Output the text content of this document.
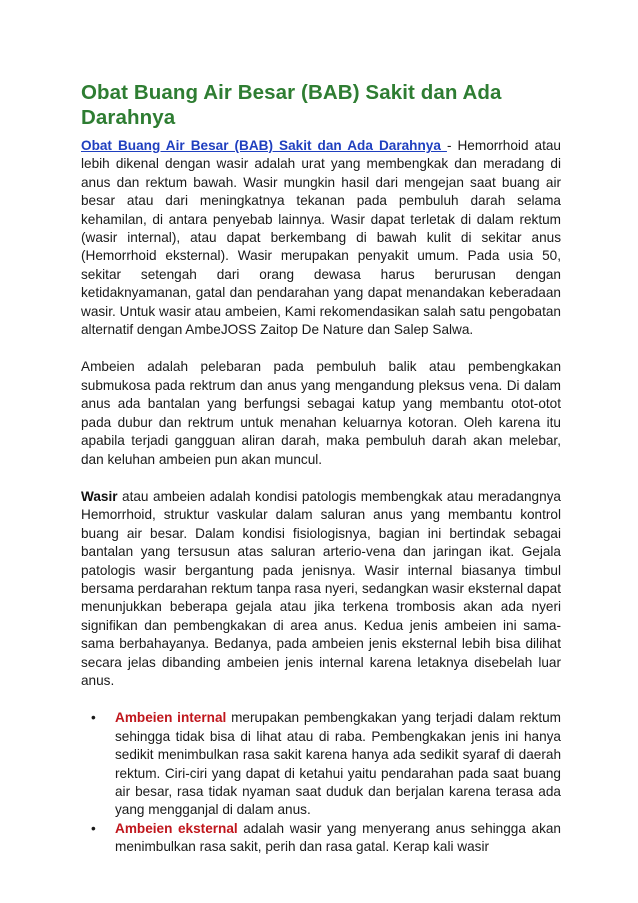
Obat Buang Air Besar (BAB) Sakit dan Ada Darahnya

Obat Buang Air Besar (BAB) Sakit dan Ada Darahnya - Hemorrhoid atau lebih dikenal dengan wasir adalah urat yang membengkak dan meradang di anus dan rektum bawah. Wasir mungkin hasil dari mengejan saat buang air besar atau dari meningkatnya tekanan pada pembuluh darah selama kehamilan, di antara penyebab lainnya. Wasir dapat terletak di dalam rektum (wasir internal), atau dapat berkembang di bawah kulit di sekitar anus (Hemorrhoid eksternal). Wasir merupakan penyakit umum. Pada usia 50, sekitar setengah dari orang dewasa harus berurusan dengan ketidaknyamanan, gatal dan pendarahan yang dapat menandakan keberadaan wasir. Untuk wasir atau ambeien, Kami rekomendasikan salah satu pengobatan alternatif dengan AmbeJOSS Zaitop De Nature dan Salep Salwa.

Ambeien adalah pelebaran pada pembuluh balik atau pembengkakan submukosa pada rektrum dan anus yang mengandung pleksus vena. Di dalam anus ada bantalan yang berfungsi sebagai katup yang membantu otot-otot pada dubur dan rektrum untuk menahan keluarnya kotoran. Oleh karena itu apabila terjadi gangguan aliran darah, maka pembuluh darah akan melebar, dan keluhan ambeien pun akan muncul.

Wasir atau ambeien adalah kondisi patologis membengkak atau meradangnya Hemorrhoid, struktur vaskular dalam saluran anus yang membantu kontrol buang air besar. Dalam kondisi fisiologisnya, bagian ini bertindak sebagai bantalan yang tersusun atas saluran arterio-vena dan jaringan ikat. Gejala patologis wasir bergantung pada jenisnya. Wasir internal biasanya timbul bersama perdarahan rektum tanpa rasa nyeri, sedangkan wasir eksternal dapat menunjukkan beberapa gejala atau jika terkena trombosis akan ada nyeri signifikan dan pembengkakan di area anus. Kedua jenis ambeien ini sama-sama berbahayanya. Bedanya, pada ambeien jenis eksternal lebih bisa dilihat secara jelas dibanding ambeien jenis internal karena letaknya disebelah luar anus.

• Ambeien internal merupakan pembengkakan yang terjadi dalam rektum sehingga tidak bisa di lihat atau di raba. Pembengkakan jenis ini hanya sedikit menimbulkan rasa sakit karena hanya ada sedikit syaraf di daerah rektum. Ciri-ciri yang dapat di ketahui yaitu pendarahan pada saat buang air besar, rasa tidak nyaman saat duduk dan berjalan karena terasa ada yang mengganjal di dalam anus.
• Ambeien eksternal adalah wasir yang menyerang anus sehingga akan menimbulkan rasa sakit, perih dan rasa gatal. Kerap kali wasir
